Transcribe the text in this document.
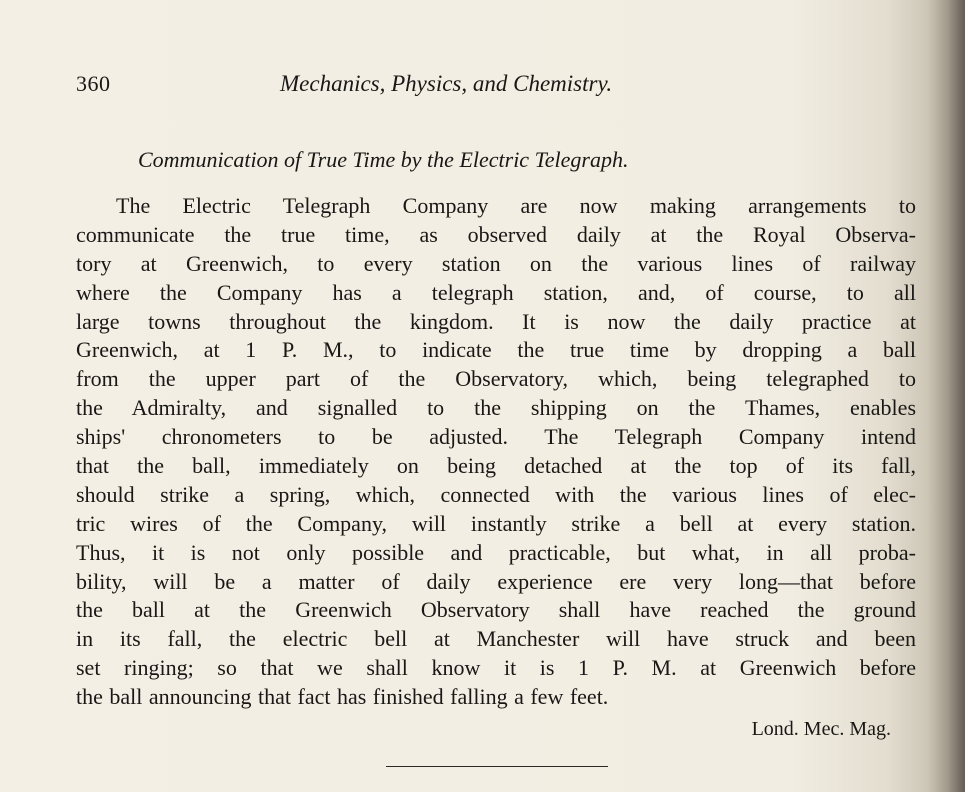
360	Mechanics, Physics, and Chemistry.
Communication of True Time by the Electric Telegraph.
The Electric Telegraph Company are now making arrangements to
communicate the true time, as observed daily at the Royal Observa-
tory at Greenwich, to every station on the various lines of railway
where the Company has a telegraph station, and, of course, to all
large towns throughout the kingdom. It is now the daily practice at
Greenwich, at 1 P. M., to indicate the true time by dropping a ball
from the upper part of the Observatory, which, being telegraphed to
the Admiralty, and signalled to the shipping on the Thames, enables
ships' chronometers to be adjusted. The Telegraph Company intend
that the ball, immediately on being detached at the top of its fall,
should strike a spring, which, connected with the various lines of elec-
tric wires of the Company, will instantly strike a bell at every station.
Thus, it is not only possible and practicable, but what, in all proba-
bility, will be a matter of daily experience ere very long—that before
the ball at the Greenwich Observatory shall have reached the ground
in its fall, the electric bell at Manchester will have struck and been
set ringing; so that we shall know it is 1 P. M. at Greenwich before
the ball announcing that fact has finished falling a few feet.
Lond. Mec. Mag.
